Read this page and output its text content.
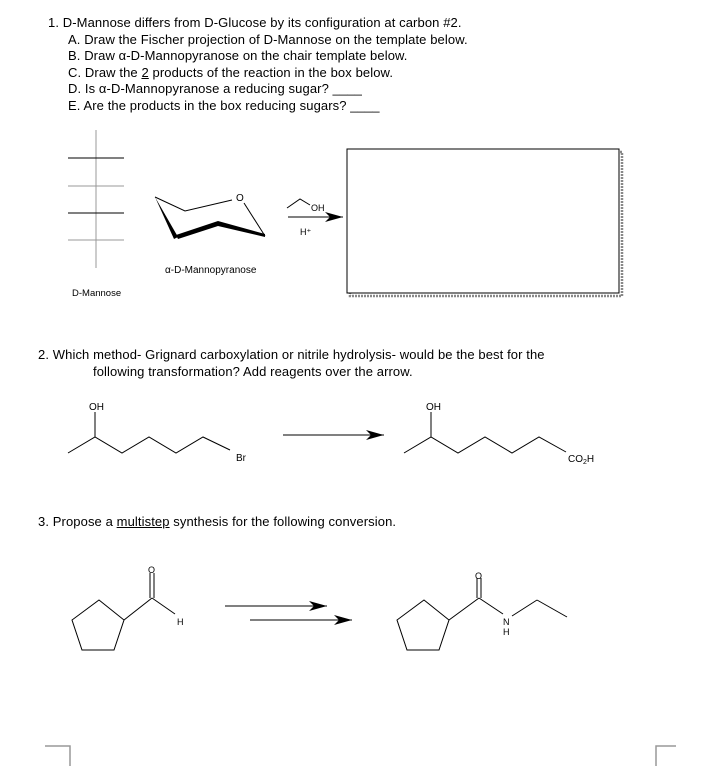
1. D-Mannose differs from D-Glucose by its configuration at carbon #2.
A. Draw the Fischer projection of D-Mannose on the template below.
B. Draw α-D-Mannopyranose on the chair template below.
C. Draw the 2 products of the reaction in the box below.
D. Is α-D-Mannopyranose a reducing sugar? ____
E. Are the products in the box reducing sugars? ____
2. Which method- Grignard carboxylation or nitrile hydrolysis- would be the best for the
following transformation? Add reagents over the arrow.
3. Propose a multistep synthesis for the following conversion.
D-Mannose
O
α-D-Mannopyranose
OH
H⁺
OH
Br
OH
$CO_2H$
O
H
O
N
H
